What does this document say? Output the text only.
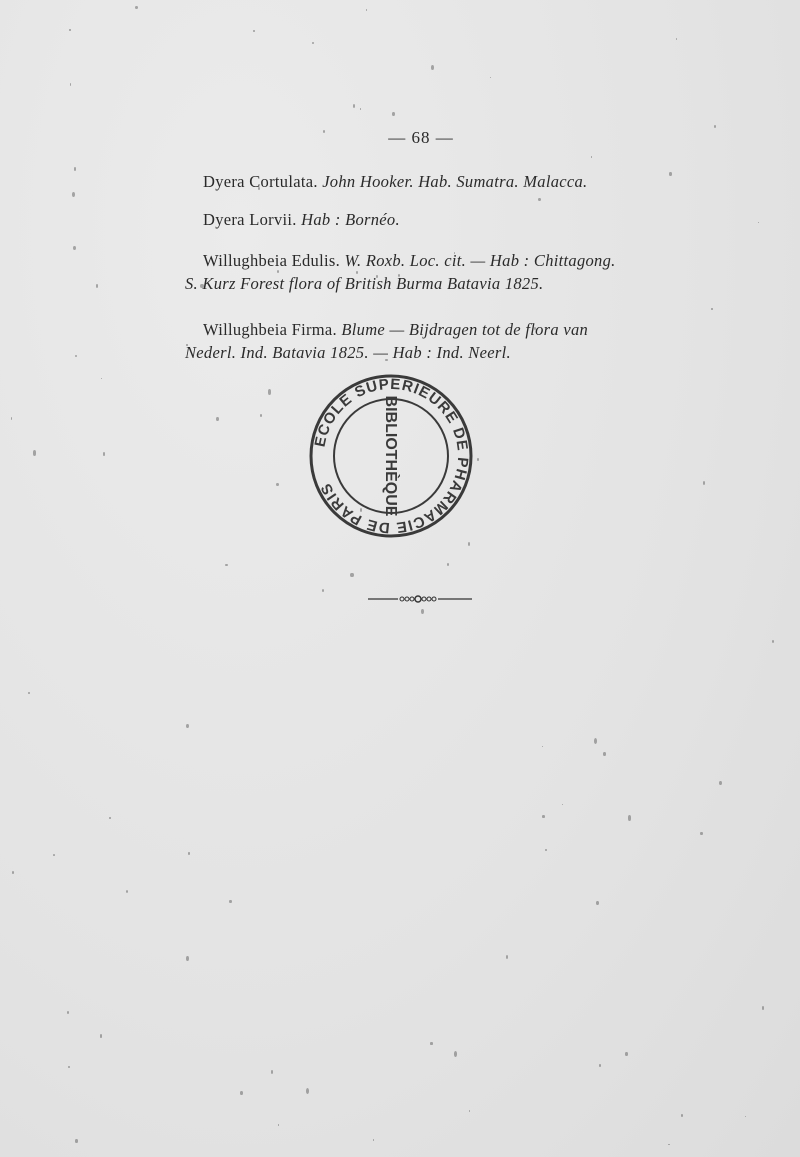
— 68 —
Dyera Cortulata. John Hooker. Hab. Sumatra. Malacca.
Dyera Lorvii. Hab : Bornéo.
Willughbeia Edulis. W. Roxb. Loc. cit. — Hab : Chittagong.
S. Kurz Forest flora of British Burma Batavia 1825.
Willughbeia Firma. Blume — Bijdragen tot de flora van
Nederl. Ind. Batavia 1825. — Hab : Ind. Neerl.
ECOLE SUPERIEURE DE PHARMACIE DE PARIS	BIBLIOTHÈQUE
